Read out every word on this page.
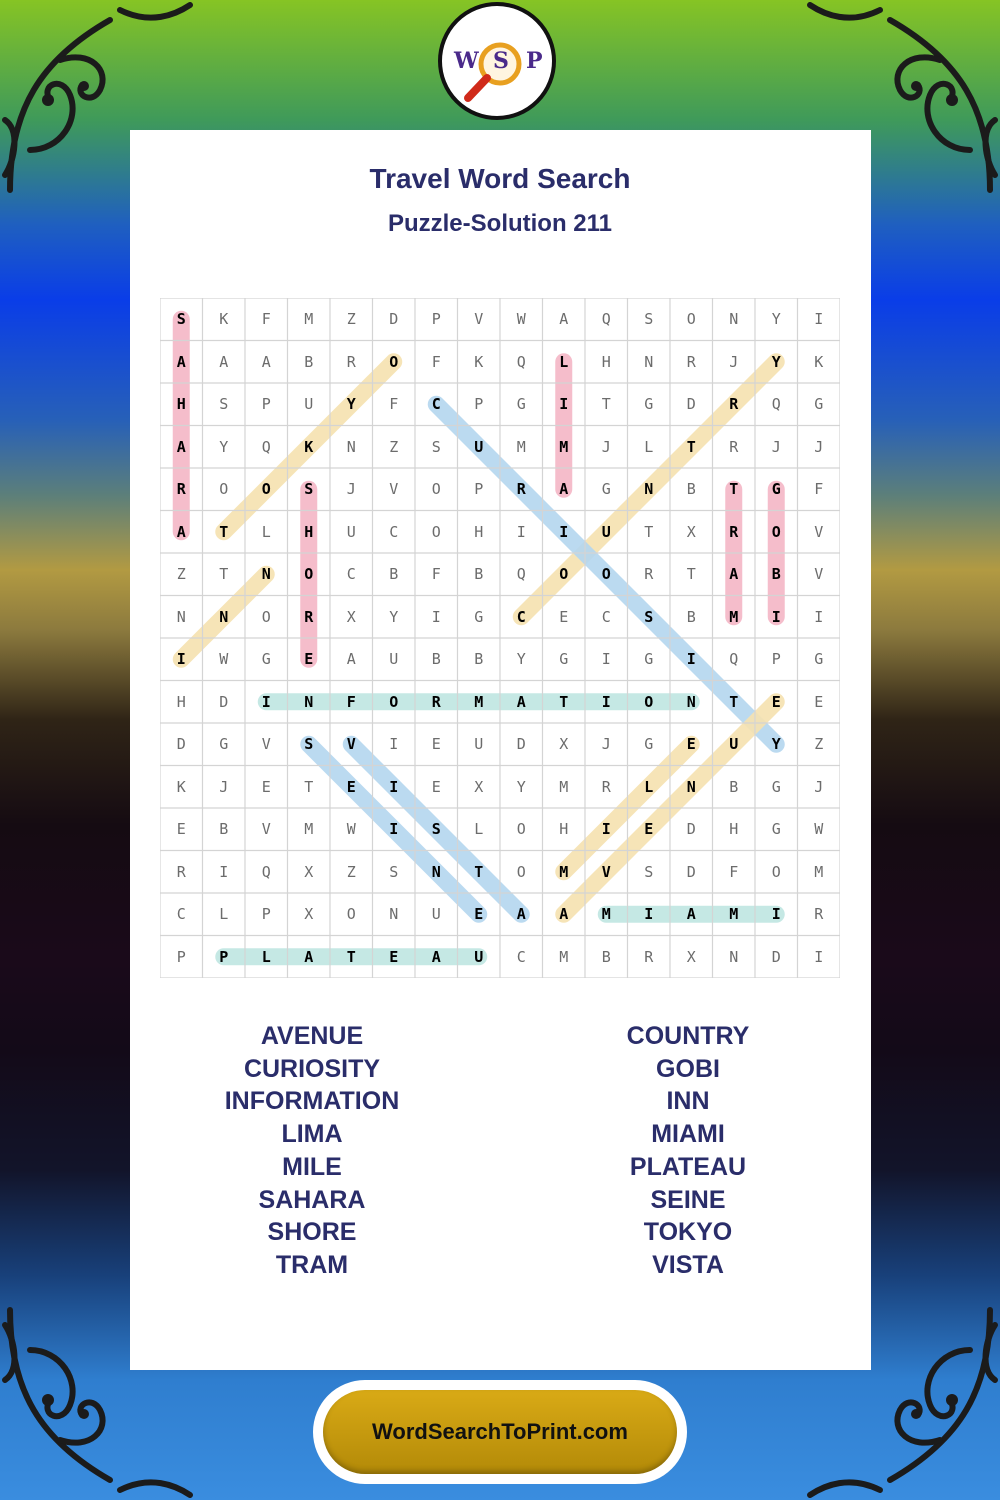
W S P
Travel Word Search
Puzzle-Solution 211
S	K	F	M	Z	D	P	V	W	A	Q	S	O	N	Y	I
A	A	A	B	R	O	F	K	Q	L	H	N	R	J	Y	K
H	S	P	U	Y	F	C	P	G	I	T	G	D	R	Q	G
A	Y	Q	K	N	Z	S	U	M	M	J	L	T	R	J	J
R	O	O	S	J	V	O	P	R	A	G	N	B	T	G	F
A	T	L	H	U	C	O	H	I	I	U	T	X	R	O	V
Z	T	N	O	C	B	F	B	Q	O	O	R	T	A	B	V
N	N	O	R	X	Y	I	G	C	E	C	S	B	M	I	I
I	W	G	E	A	U	B	B	Y	G	I	G	I	Q	P	G
H	D	I	N	F	O	R	M	A	T	I	O	N	T	E	E
D	G	V	S	V	I	E	U	D	X	J	G	E	U	Y	Z
K	J	E	T	E	I	E	X	Y	M	R	L	N	B	G	J
E	B	V	M	W	I	S	L	O	H	I	E	D	H	G	W
R	I	Q	X	Z	S	N	T	O	M	V	S	D	F	O	M
C	L	P	X	O	N	U	E	A	A	M	I	A	M	I	R
P	P	L	A	T	E	A	U	C	M	B	R	X	N	D	I
AVENUE
CURIOSITY
INFORMATION
LIMA
MILE
SAHARA
SHORE
TRAM
COUNTRY
GOBI
INN
MIAMI
PLATEAU
SEINE
TOKYO
VISTA
WordSearchToPrint.com
